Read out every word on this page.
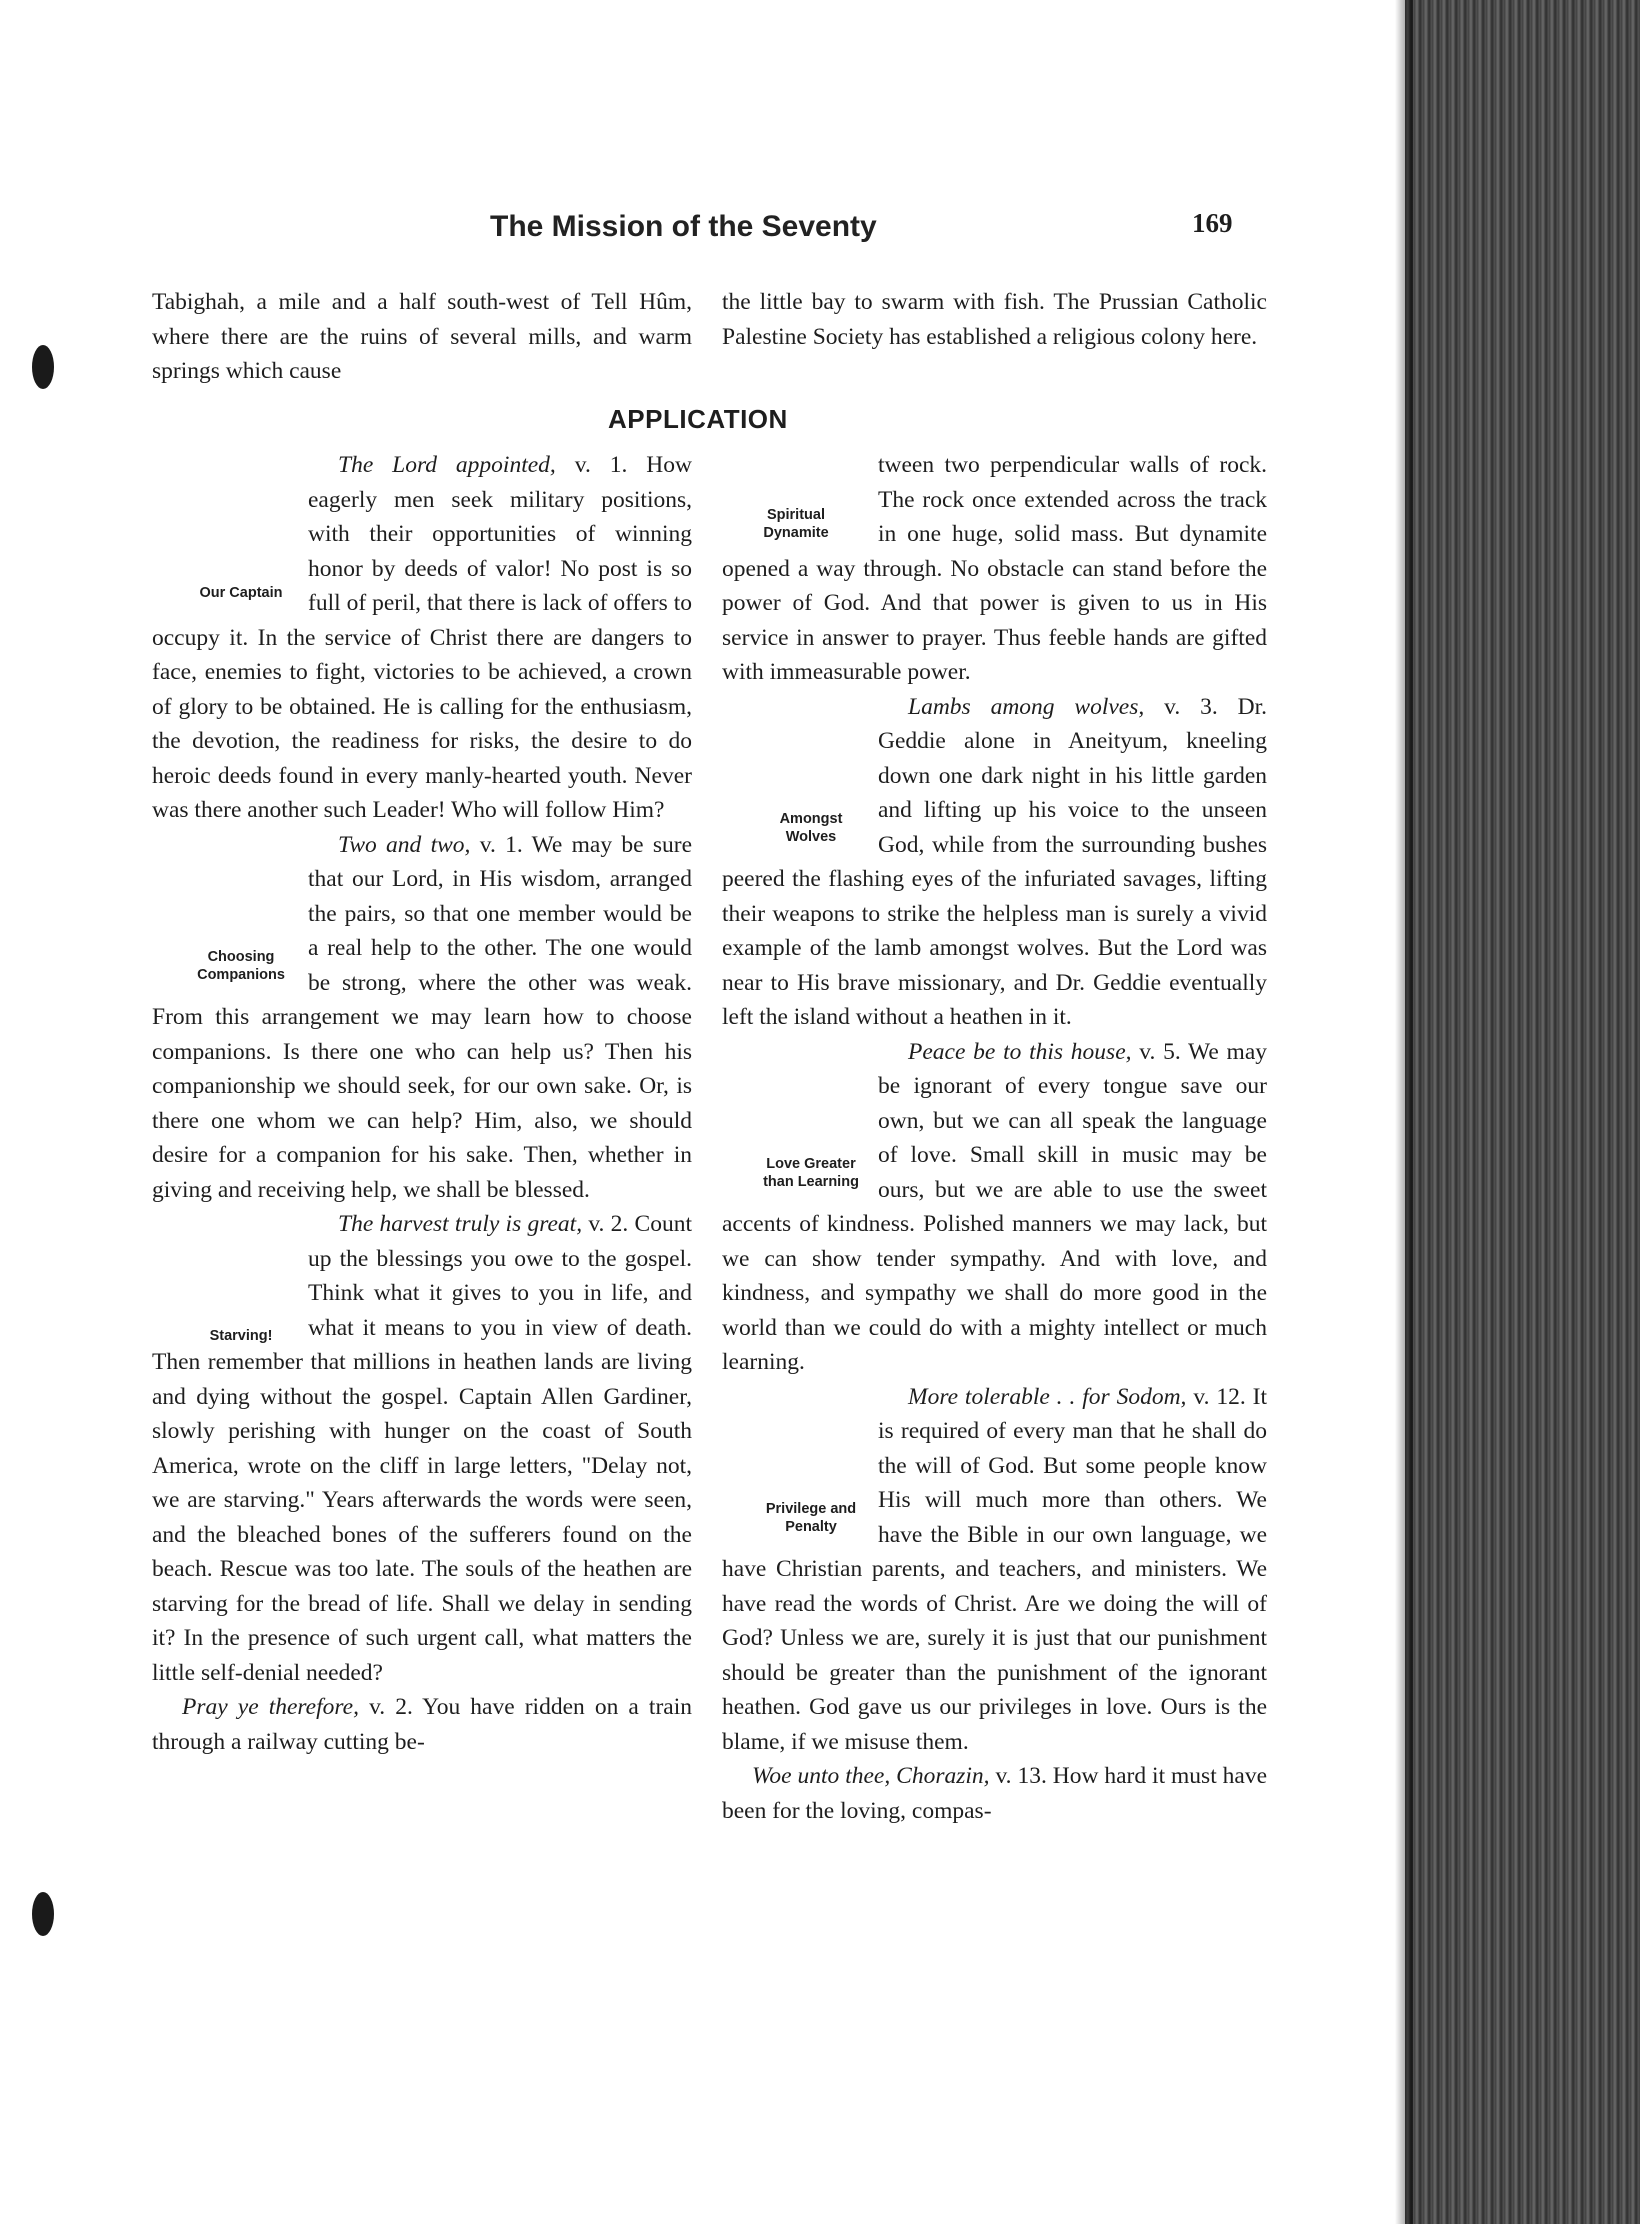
The Mission of the Seventy	169

Tabighah, a mile and a half south-west of Tell Hûm, where there are the ruins of several mills, and warm springs which cause

the little bay to swarm with fish. The Prussian Catholic Palestine Society has established a religious colony here.

APPLICATION

Our Captain
The Lord appointed, v. 1. How eagerly men seek military positions, with their opportunities of winning honor by deeds of valor! No post is so full of peril, that there is lack of offers to occupy it. In the service of Christ there are dangers to face, enemies to fight, victories to be achieved, a crown of glory to be obtained. He is calling for the enthusiasm, the devotion, the readiness for risks, the desire to do heroic deeds found in every manly-hearted youth. Never was there another such Leader! Who will follow Him?

Choosing
Companions
Two and two, v. 1. We may be sure that our Lord, in His wisdom, arranged the pairs, so that one member would be a real help to the other. The one would be strong, where the other was weak. From this arrangement we may learn how to choose companions. Is there one who can help us? Then his companionship we should seek, for our own sake. Or, is there one whom we can help? Him, also, we should desire for a companion for his sake. Then, whether in giving and receiving help, we shall be blessed.

Starving!
The harvest truly is great, v. 2. Count up the blessings you owe to the gospel. Think what it gives to you in life, and what it means to you in view of death. Then remember that millions in heathen lands are living and dying without the gospel. Captain Allen Gardiner, slowly perishing with hunger on the coast of South America, wrote on the cliff in large letters, "Delay not, we are starving." Years afterwards the words were seen, and the bleached bones of the sufferers found on the beach. Rescue was too late. The souls of the heathen are starving for the bread of life. Shall we delay in sending it? In the presence of such urgent call, what matters the little self-denial needed?

Pray ye therefore, v. 2. You have ridden on a train through a railway cutting be-

Spiritual
Dynamite
tween two perpendicular walls of rock. The rock once extended across the track in one huge, solid mass. But dynamite opened a way through. No obstacle can stand before the power of God. And that power is given to us in His service in answer to prayer. Thus feeble hands are gifted with immeasurable power.

Amongst
Wolves
Lambs among wolves, v. 3. Dr. Geddie alone in Aneityum, kneeling down one dark night in his little garden and lifting up his voice to the unseen God, while from the surrounding bushes peered the flashing eyes of the infuriated savages, lifting their weapons to strike the helpless man is surely a vivid example of the lamb amongst wolves. But the Lord was near to His brave missionary, and Dr. Geddie eventually left the island without a heathen in it.

Love Greater
than Learning
Peace be to this house, v. 5. We may be ignorant of every tongue save our own, but we can all speak the language of love. Small skill in music may be ours, but we are able to use the sweet accents of kindness. Polished manners we may lack, but we can show tender sympathy. And with love, and kindness, and sympathy we shall do more good in the world than we could do with a mighty intellect or much learning.

Privilege and
Penalty
More tolerable . . for Sodom, v. 12. It is required of every man that he shall do the will of God. But some people know His will much more than others. We have the Bible in our own language, we have Christian parents, and teachers, and ministers. We have read the words of Christ. Are we doing the will of God? Unless we are, surely it is just that our punishment should be greater than the punishment of the ignorant heathen. God gave us our privileges in love. Ours is the blame, if we misuse them.

Woe unto thee, Chorazin, v. 13. How hard it must have been for the loving, compas-
